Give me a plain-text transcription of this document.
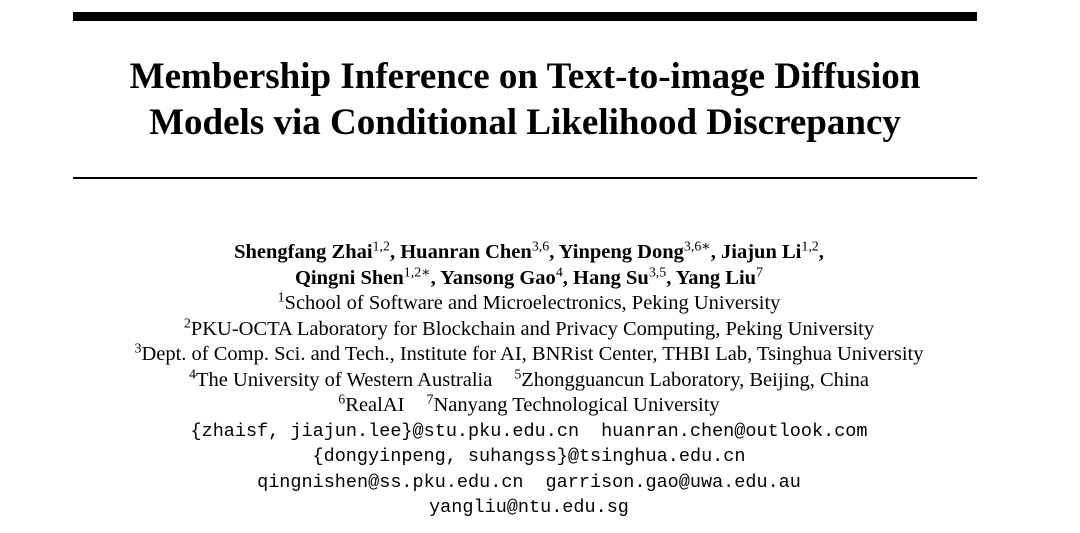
Membership Inference on Text-to-image Diffusion
Models via Conditional Likelihood Discrepancy
Shengfang Zhai$^{1,2}$, Huanran Chen$^{3,6}$, Yinpeng Dong$^{3,6∗}$, Jiajun Li$^{1,2}$,
Qingni Shen$^{1,2∗}$, Yansong Gao$^4$, Hang Su$^{3,5}$, Yang Liu$^7$
$^1$School of Software and Microelectronics, Peking University
$^2$PKU-OCTA Laboratory for Blockchain and Privacy Computing, Peking University
$^3$Dept. of Comp. Sci. and Tech., Institute for AI, BNRist Center, THBI Lab, Tsinghua University
$^4$The University of Western Australia $^5$Zhongguancun Laboratory, Beijing, China
$^6$RealAI $^7$Nanyang Technological University
{zhaisf, jiajun.lee}@stu.pku.edu.cn huanran.chen@outlook.com
{dongyinpeng, suhangss}@tsinghua.edu.cn
qingnishen@ss.pku.edu.cn garrison.gao@uwa.edu.au
yangliu@ntu.edu.sg
